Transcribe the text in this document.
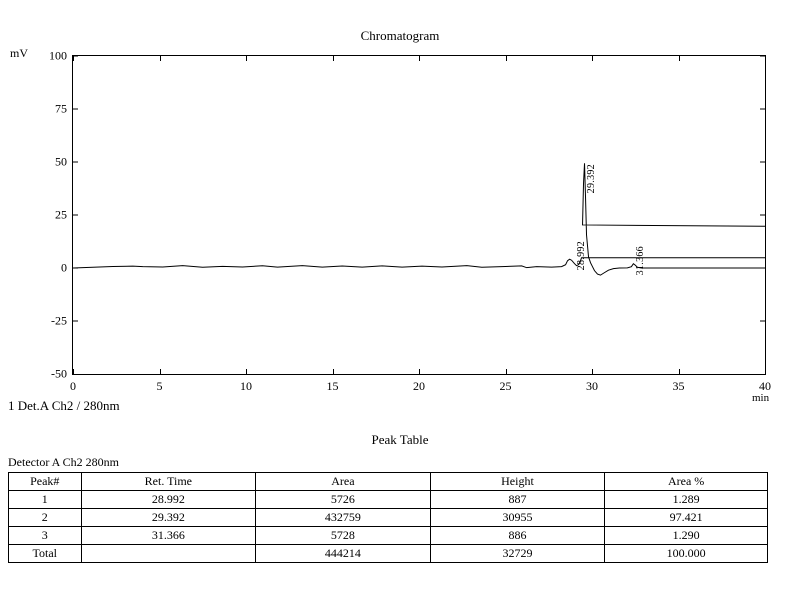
Chromatogram
mV
min
100
75
50
25
0
-25
-50
0	5	10	15	20	25	30	35	40
28.992
29.392
31.366
1 Det.A Ch2 / 280nm
Peak Table
Detector A Ch2 280nm
Peak#	Ret. Time	Area	Height	Area %
1	28.992	5726	887	1.289
2	29.392	432759	30955	97.421
3	31.366	5728	886	1.290
Total		444214	32729	100.000
